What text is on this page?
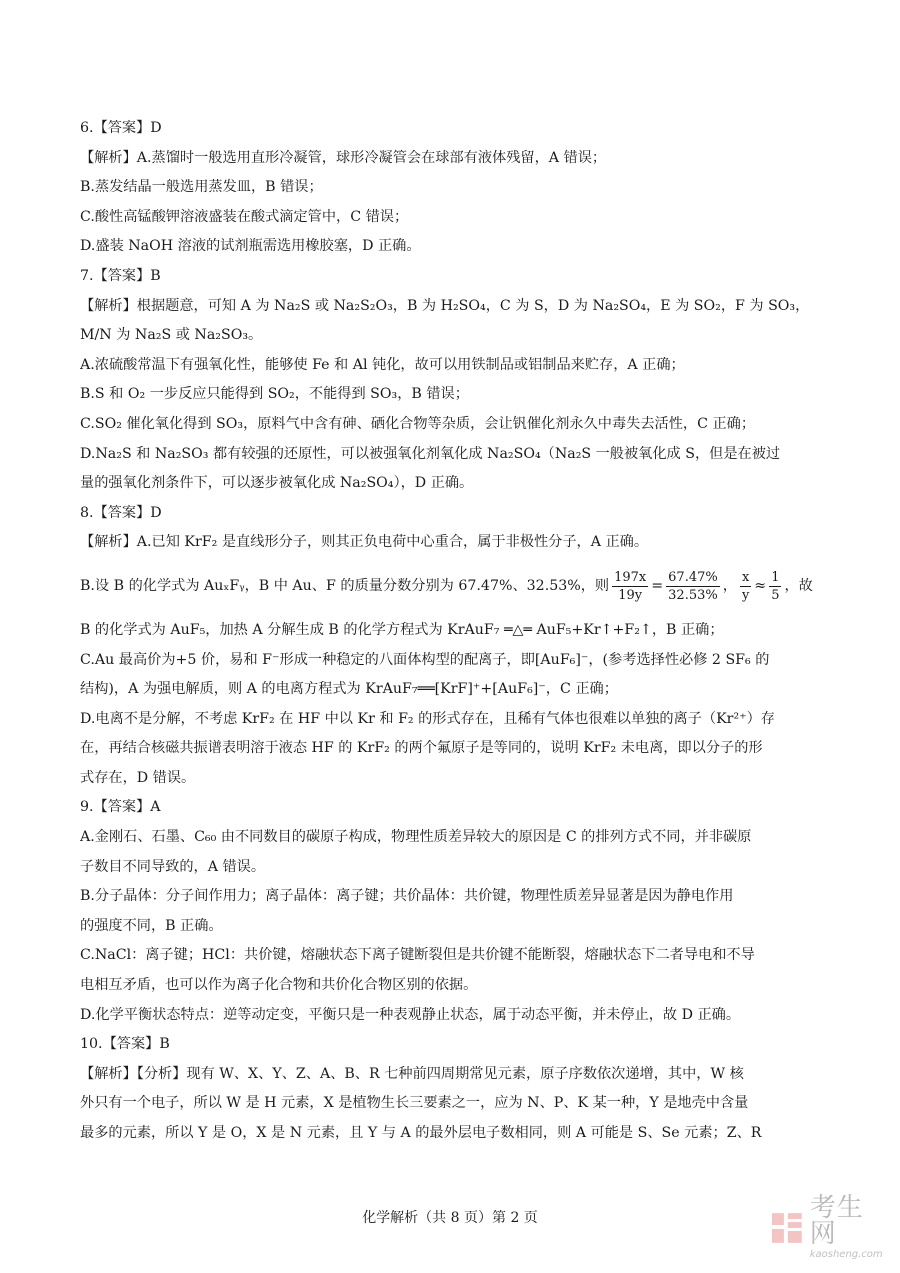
6.【答案】D
【解析】A.蒸馏时一般选用直形冷凝管，球形冷凝管会在球部有液体残留，A 错误；
B.蒸发结晶一般选用蒸发皿，B 错误；
C.酸性高锰酸钾溶液盛装在酸式滴定管中，C 错误；
D.盛装 NaOH 溶液的试剂瓶需选用橡胶塞，D 正确。
7.【答案】B
【解析】根据题意，可知 A 为 Na₂S 或 Na₂S₂O₃，B 为 H₂SO₄，C 为 S，D 为 Na₂SO₄，E 为 SO₂，F 为 SO₃，
M/N 为 Na₂S 或 Na₂SO₃。
A.浓硫酸常温下有强氧化性，能够使 Fe 和 Al 钝化，故可以用铁制品或铝制品来贮存，A 正确；
B.S 和 O₂ 一步反应只能得到 SO₂，不能得到 SO₃，B 错误；
C.SO₂ 催化氧化得到 SO₃，原料气中含有砷、硒化合物等杂质，会让钒催化剂永久中毒失去活性，C 正确；
D.Na₂S 和 Na₂SO₃ 都有较强的还原性，可以被强氧化剂氧化成 Na₂SO₄（Na₂S 一般被氧化成 S，但是在被过
量的强氧化剂条件下，可以逐步被氧化成 Na₂SO₄），D 正确。
8.【答案】D
【解析】A.已知 KrF₂ 是直线形分子，则其正负电荷中心重合，属于非极性分子，A 正确。
B.设 B 的化学式为 AuₓFᵧ，B 中 Au、F 的质量分数分别为 67.47%、32.53%，则 $\frac{197x}{19y} = \frac{67.47\%}{32.53\%}$ ， $\frac{x}{y} \approx \frac{1}{5}$ ，故
B 的化学式为 AuF₅，加热 A 分解生成 B 的化学方程式为 KrAuF₇ ═△═ AuF₅+Kr↑+F₂↑，B 正确；
C.Au 最高价为+5 价，易和 F⁻形成一种稳定的八面体构型的配离子，即[AuF₆]⁻，(参考选择性必修 2 SF₆ 的
结构)，A 为强电解质，则 A 的电离方程式为 KrAuF₇══[KrF]⁺+[AuF₆]⁻，C 正确；
D.电离不是分解，不考虑 KrF₂ 在 HF 中以 Kr 和 F₂ 的形式存在，且稀有气体也很难以单独的离子（Kr²⁺）存
在，再结合核磁共振谱表明溶于液态 HF 的 KrF₂ 的两个氟原子是等同的，说明 KrF₂ 未电离，即以分子的形
式存在，D 错误。
9.【答案】A
A.金刚石、石墨、C₆₀ 由不同数目的碳原子构成，物理性质差异较大的原因是 C 的排列方式不同，并非碳原
子数目不同导致的，A 错误。
B.分子晶体：分子间作用力；离子晶体：离子键；共价晶体：共价键，物理性质差异显著是因为静电作用
的强度不同，B 正确。
C.NaCl：离子键；HCl：共价键，熔融状态下离子键断裂但是共价键不能断裂，熔融状态下二者导电和不导
电相互矛盾，也可以作为离子化合物和共价化合物区别的依据。
D.化学平衡状态特点：逆等动定变，平衡只是一种表观静止状态，属于动态平衡，并未停止，故 D 正确。
10.【答案】B
【解析】【分析】现有 W、X、Y、Z、A、B、R 七种前四周期常见元素，原子序数依次递增，其中，W 核
外只有一个电子，所以 W 是 H 元素，X 是植物生长三要素之一，应为 N、P、K 某一种，Y 是地壳中含量
最多的元素，所以 Y 是 O，X 是 N 元素，且 Y 与 A 的最外层电子数相同，则 A 可能是 S、Se 元素；Z、R
化学解析（共 8 页）第 2 页	考生网
kaosheng.com
